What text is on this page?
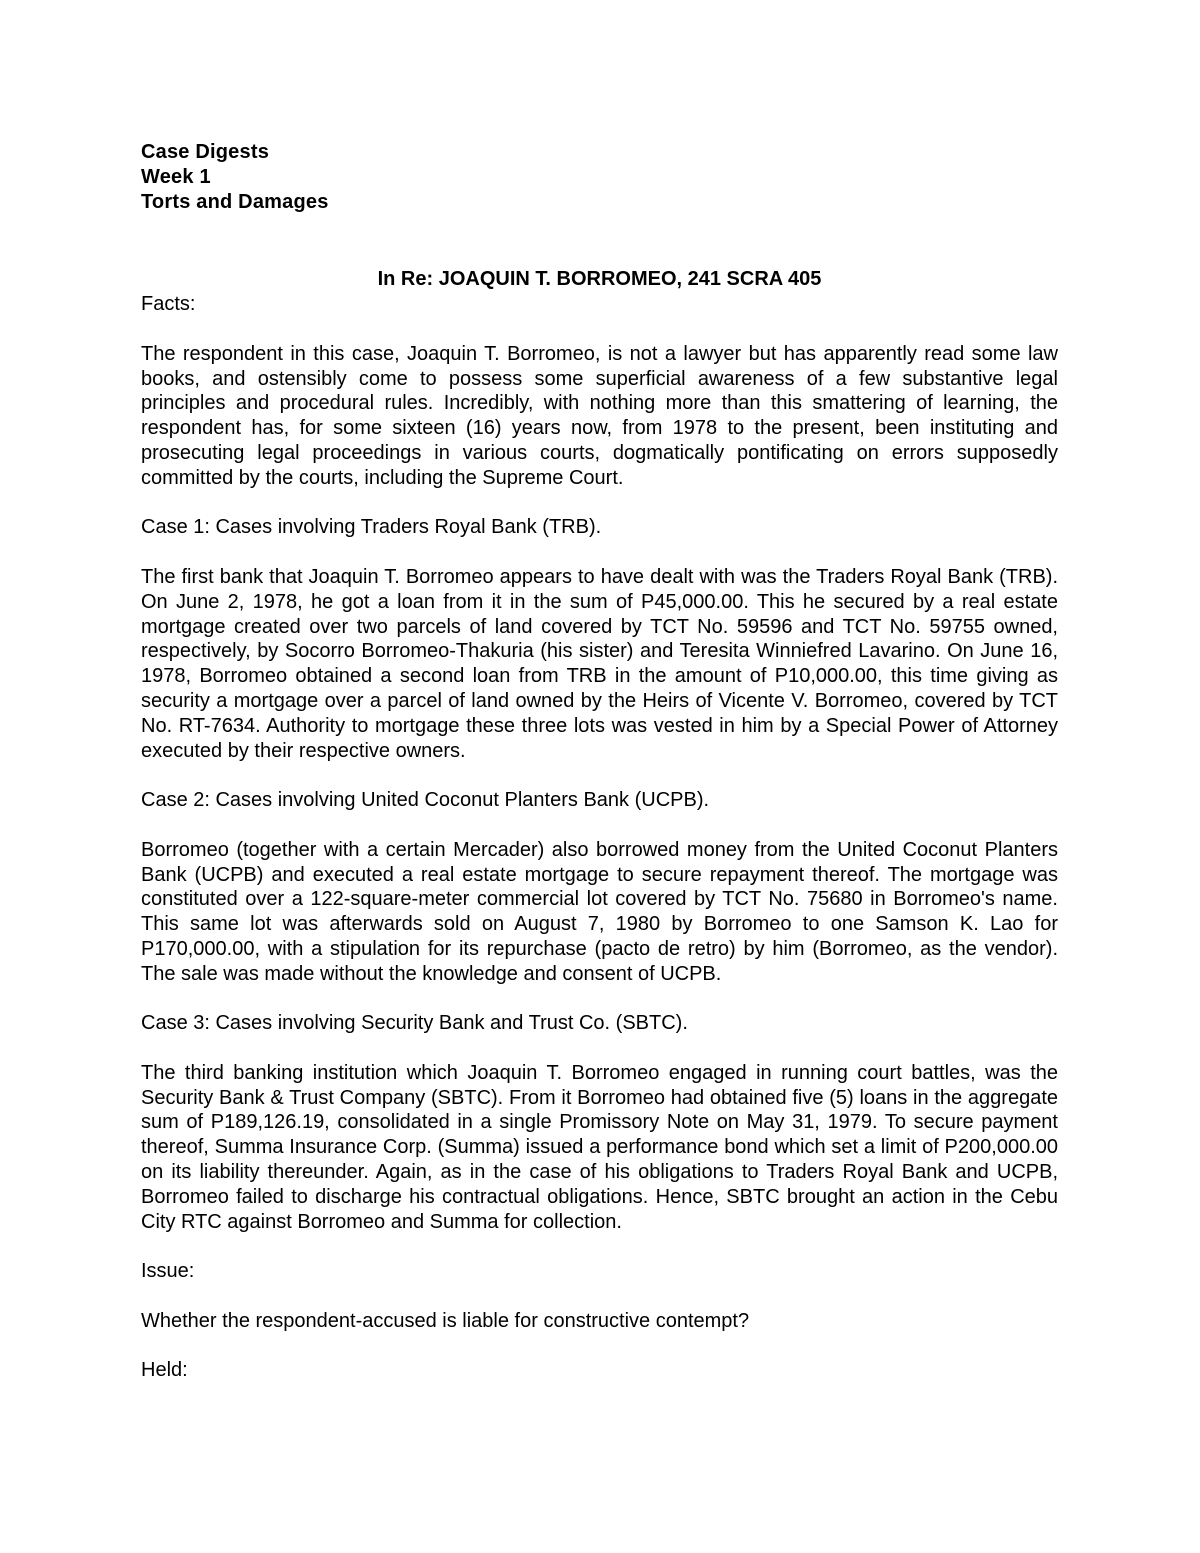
Case Digests

Week 1

Torts and Damages

In Re: JOAQUIN T. BORROMEO, 241 SCRA 405

Facts:

The respondent in this case, Joaquin T. Borromeo, is not a lawyer but has apparently read some law books, and ostensibly come to possess some superficial awareness of a few substantive legal principles and procedural rules. Incredibly, with nothing more than this smattering of learning, the respondent has, for some sixteen (16) years now, from 1978 to the present, been instituting and prosecuting legal proceedings in various courts, dogmatically pontificating on errors supposedly committed by the courts, including the Supreme Court.

Case 1: Cases involving Traders Royal Bank (TRB).

The first bank that Joaquin T. Borromeo appears to have dealt with was the Traders Royal Bank (TRB). On June 2, 1978, he got a loan from it in the sum of P45,000.00. This he secured by a real estate mortgage created over two parcels of land covered by TCT No. 59596 and TCT No. 59755 owned, respectively, by Socorro Borromeo-Thakuria (his sister) and Teresita Winniefred Lavarino. On June 16, 1978, Borromeo obtained a second loan from TRB in the amount of P10,000.00, this time giving as security a mortgage over a parcel of land owned by the Heirs of Vicente V. Borromeo, covered by TCT No. RT-7634. Authority to mortgage these three lots was vested in him by a Special Power of Attorney executed by their respective owners.

Case 2: Cases involving United Coconut Planters Bank (UCPB).

Borromeo (together with a certain Mercader) also borrowed money from the United Coconut Planters Bank (UCPB) and executed a real estate mortgage to secure repayment thereof. The mortgage was constituted over a 122-square-meter commercial lot covered by TCT No. 75680 in Borromeo's name. This same lot was afterwards sold on August 7, 1980 by Borromeo to one Samson K. Lao for P170,000.00, with a stipulation for its repurchase (pacto de retro) by him (Borromeo, as the vendor). The sale was made without the knowledge and consent of UCPB.

Case 3: Cases involving Security Bank and Trust Co. (SBTC).

The third banking institution which Joaquin T. Borromeo engaged in running court battles, was the Security Bank & Trust Company (SBTC). From it Borromeo had obtained five (5) loans in the aggregate sum of P189,126.19, consolidated in a single Promissory Note on May 31, 1979. To secure payment thereof, Summa Insurance Corp. (Summa) issued a performance bond which set a limit of P200,000.00 on its liability thereunder. Again, as in the case of his obligations to Traders Royal Bank and UCPB, Borromeo failed to discharge his contractual obligations. Hence, SBTC brought an action in the Cebu City RTC against Borromeo and Summa for collection.

Issue:

Whether the respondent-accused is liable for constructive contempt?

Held:
